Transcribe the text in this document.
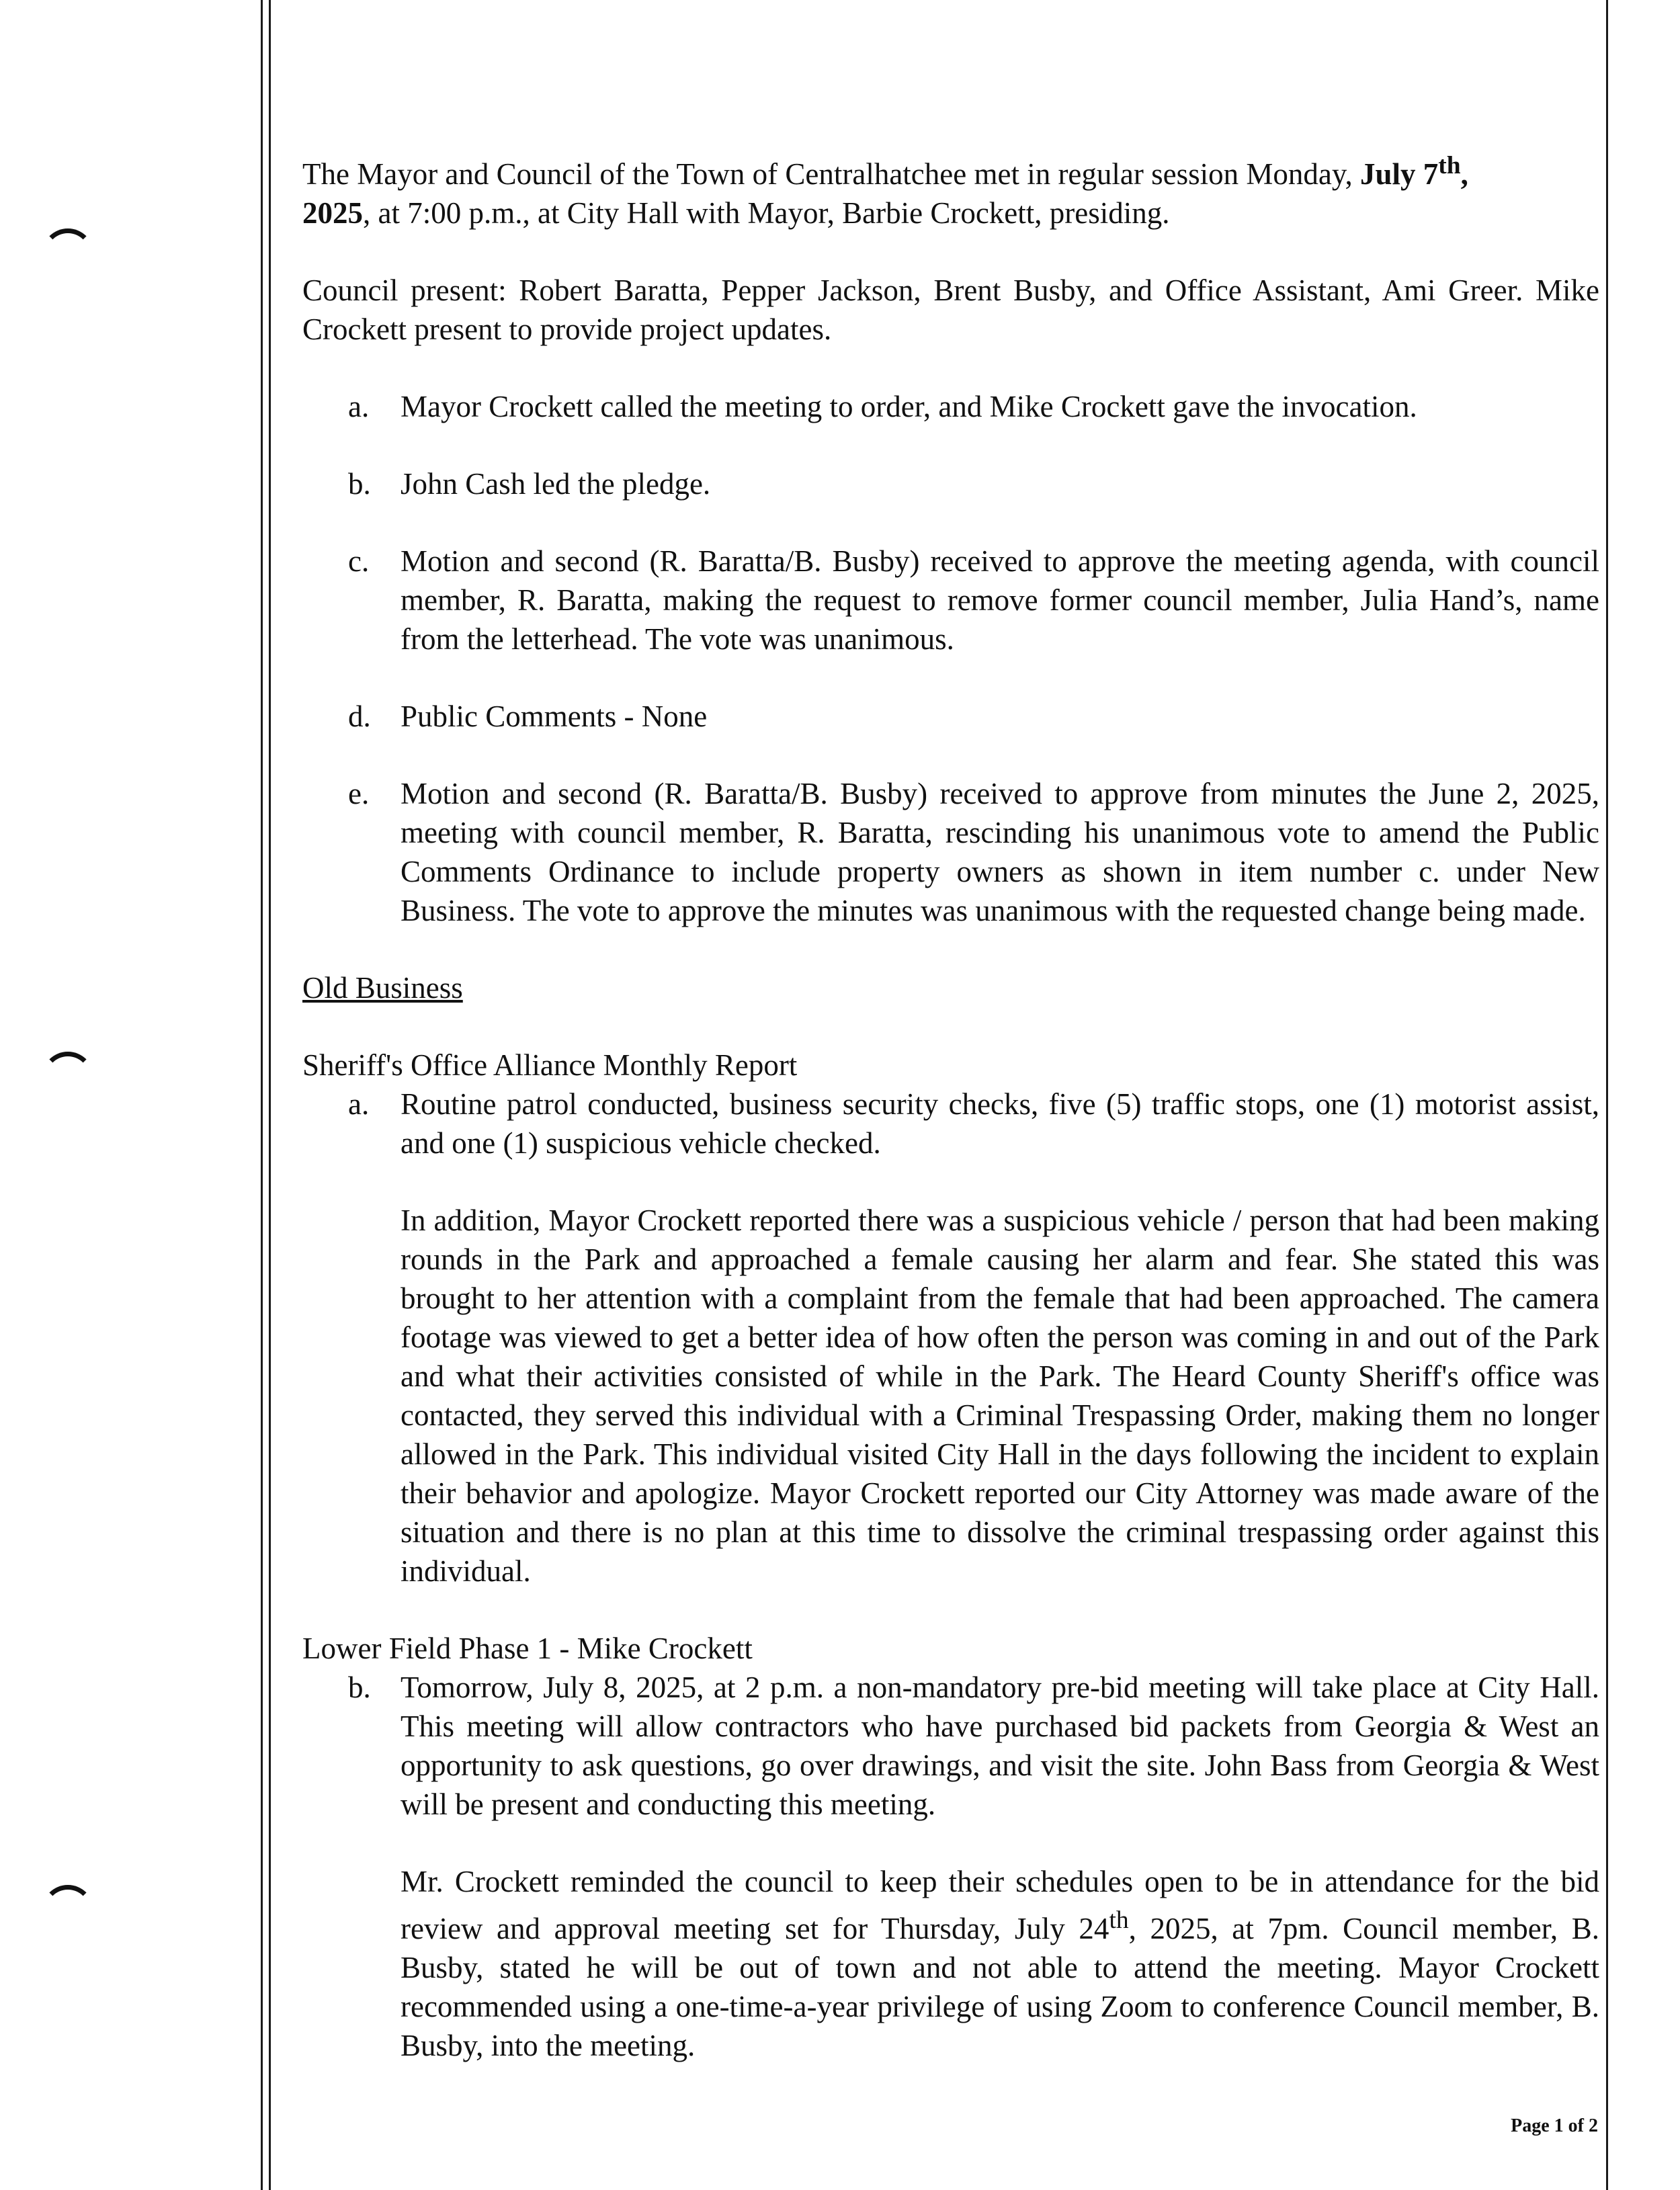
The Mayor and Council of the Town of Centralhatchee met in regular session Monday, July 7th,
2025, at 7:00 p.m., at City Hall with Mayor, Barbie Crockett, presiding.

Council present: Robert Baratta, Pepper Jackson, Brent Busby, and Office Assistant, Ami Greer. Mike Crockett present to provide project updates.

a. Mayor Crockett called the meeting to order, and Mike Crockett gave the invocation.
b. John Cash led the pledge.
c. Motion and second (R. Baratta/B. Busby) received to approve the meeting agenda, with council member, R. Baratta, making the request to remove former council member, Julia Hand’s, name from the letterhead. The vote was unanimous.
d. Public Comments - None
e. Motion and second (R. Baratta/B. Busby) received to approve from minutes the June 2, 2025, meeting with council member, R. Baratta, rescinding his unanimous vote to amend the Public Comments Ordinance to include property owners as shown in item number c. under New Business. The vote to approve the minutes was unanimous with the requested change being made.

Old Business

Sheriff's Office Alliance Monthly Report

a. Routine patrol conducted, business security checks, five (5) traffic stops, one (1) motorist assist, and one (1) suspicious vehicle checked.

In addition, Mayor Crockett reported there was a suspicious vehicle / person that had been making rounds in the Park and approached a female causing her alarm and fear. She stated this was brought to her attention with a complaint from the female that had been approached. The camera footage was viewed to get a better idea of how often the person was coming in and out of the Park and what their activities consisted of while in the Park. The Heard County Sheriff's office was contacted, they served this individual with a Criminal Trespassing Order, making them no longer allowed in the Park. This individual visited City Hall in the days following the incident to explain their behavior and apologize. Mayor Crockett reported our City Attorney was made aware of the situation and there is no plan at this time to dissolve the criminal trespassing order against this individual.

Lower Field Phase 1 - Mike Crockett

b. Tomorrow, July 8, 2025, at 2 p.m. a non-mandatory pre-bid meeting will take place at City Hall. This meeting will allow contractors who have purchased bid packets from Georgia & West an opportunity to ask questions, go over drawings, and visit the site. John Bass from Georgia & West will be present and conducting this meeting.

Mr. Crockett reminded the council to keep their schedules open to be in attendance for the bid review and approval meeting set for Thursday, July 24th, 2025, at 7pm. Council member, B. Busby, stated he will be out of town and not able to attend the meeting. Mayor Crockett recommended using a one-time-a-year privilege of using Zoom to conference Council member, B. Busby, into the meeting.

Page 1 of 2
